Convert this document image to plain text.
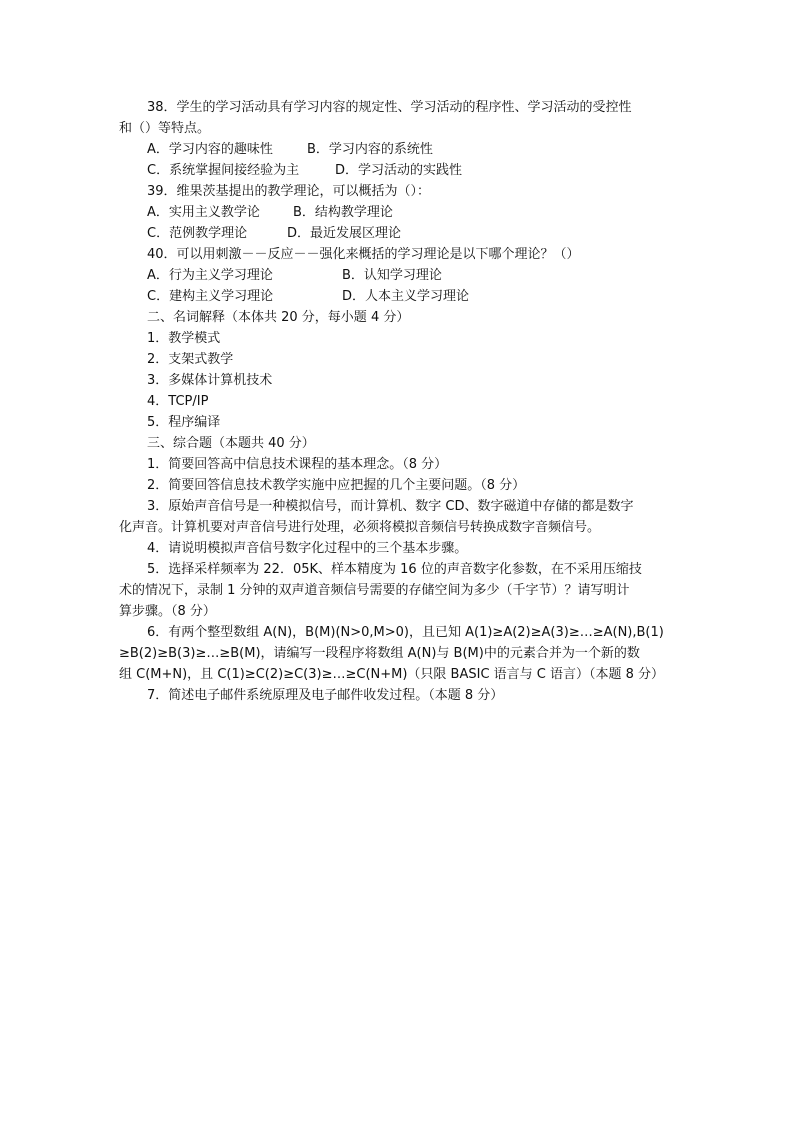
38．学生的学习活动具有学习内容的规定性、学习活动的程序性、学习活动的受控性
和（）等特点。
A．学习内容的趣味性	B．学习内容的系统性
C．系统掌握间接经验为主	D．学习活动的实践性
39．维果茨基提出的教学理论，可以概括为（）：
A．实用主义教学论	B．结构教学理论
C．范例教学理论	D．最近发展区理论
40．可以用刺激－－反应－－强化来概括的学习理论是以下哪个理论？（）
A．行为主义学习理论	B．认知学习理论
C．建构主义学习理论	D．人本主义学习理论
二、名词解释（本体共 20 分，每小题 4 分）
1．教学模式
2．支架式教学
3．多媒体计算机技术
4．TCP/IP
5．程序编译
三、综合题（本题共 40 分）
1．简要回答高中信息技术课程的基本理念。（8 分）
2．简要回答信息技术教学实施中应把握的几个主要问题。（8 分）
3．原始声音信号是一种模拟信号，而计算机、数字 CD、数字磁道中存储的都是数字
化声音。计算机要对声音信号进行处理，必须将模拟音频信号转换成数字音频信号。
4．请说明模拟声音信号数字化过程中的三个基本步骤。
5．选择采样频率为 22．05K、样本精度为 16 位的声音数字化参数，在不采用压缩技
术的情况下，录制 1 分钟的双声道音频信号需要的存储空间为多少（千字节）？请写明计
算步骤。（8 分）
6．有两个整型数组 A(N)，B(M)(N>0,M>0)，且已知 A(1)≥A(2)≥A(3)≥…≥A(N),B(1)
≥B(2)≥B(3)≥…≥B(M)，请编写一段程序将数组 A(N)与 B(M)中的元素合并为一个新的数
组 C(M+N)，且 C(1)≥C(2)≥C(3)≥…≥C(N+M)（只限 BASIC 语言与 C 语言）（本题 8 分）
7．简述电子邮件系统原理及电子邮件收发过程。（本题 8 分）
